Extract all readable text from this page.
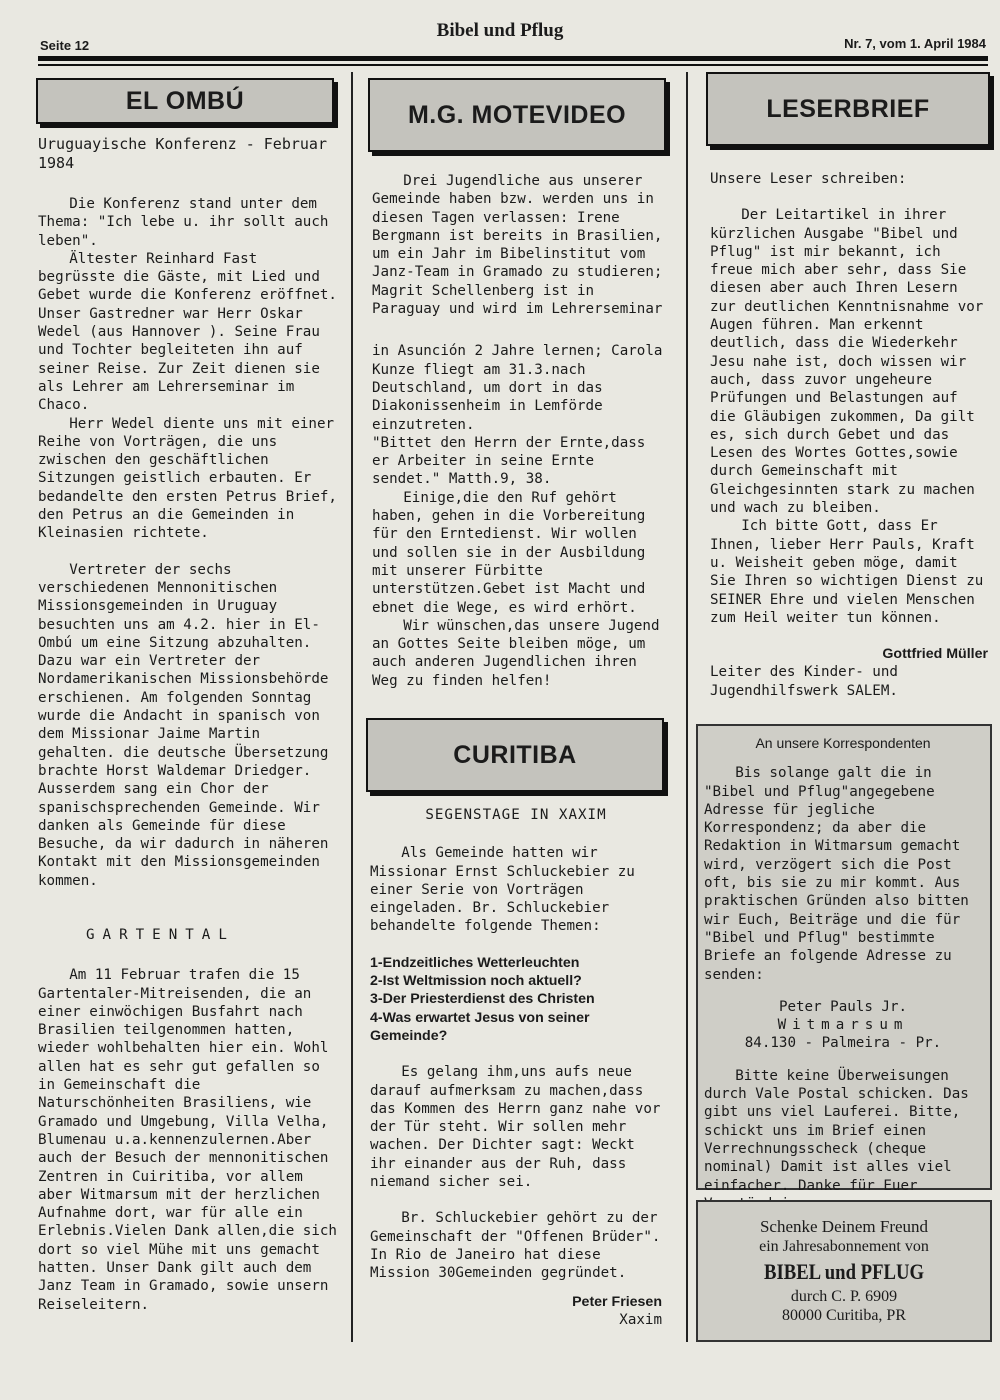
Seite 12
Bibel und Pflug
Nr. 7, vom 1. April 1984
EL OMBÚ

Uruguayische Konferenz - Februar 1984

Die Konferenz stand unter dem Thema: "Ich lebe u. ihr sollt auch leben".

Ältester Reinhard Fast begrüsste die Gäste, mit Lied und Gebet wurde die Konferenz eröffnet. Unser Gastredner war Herr Oskar Wedel (aus Hannover ). Seine Frau und Tochter begleiteten ihn auf seiner Reise. Zur Zeit dienen sie als Lehrer am Lehrerseminar im Chaco.

Herr Wedel diente uns mit einer Reihe von Vorträgen, die uns zwischen den geschäftlichen Sitzungen geistlich erbauten. Er bedandelte den ersten Petrus Brief, den Petrus an die Gemeinden in Kleinasien richtete.

Vertreter der sechs verschiedenen Mennonitischen Missionsgemeinden in Uruguay besuchten uns am 4.2. hier in El-Ombú um eine Sitzung abzuhalten. Dazu war ein Vertreter der Nordamerikanischen Missionsbehörde erschienen. Am folgenden Sonntag wurde die Andacht in spanisch von dem Missionar Jaime Martin gehalten. die deutsche Übersetzung brachte Horst Waldemar Driedger. Ausserdem sang ein Chor der spanischsprechenden Gemeinde. Wir danken als Gemeinde für diese Besuche, da wir dadurch in näheren Kontakt mit den Missionsgemeinden kommen.

GARTENTAL

Am 11 Februar trafen die 15 Gartentaler-Mitreisenden, die an einer einwöchigen Busfahrt nach Brasilien teilgenommen hatten, wieder wohlbehalten hier ein. Wohl allen hat es sehr gut gefallen so in Gemeinschaft die Naturschönheiten Brasiliens, wie Gramado und Umgebung, Villa Velha, Blumenau u.a.kennenzulernen.Aber auch der Besuch der mennonitischen Zentren in Cuiritiba, vor allem aber Witmarsum mit der herzlichen Aufnahme dort, war für alle ein Erlebnis.Vielen Dank allen,die sich dort so viel Mühe mit uns gemacht hatten. Unser Dank gilt auch dem Janz Team in Gramado, sowie unsern Reiseleitern.

M.G. MOTEVIDEO

Drei Jugendliche aus unserer Gemeinde haben bzw. werden uns in diesen Tagen verlassen: Irene Bergmann ist bereits in Brasilien, um ein Jahr im Bibelinstitut vom Janz-Team in Gramado zu studieren; Magrit Schellenberg ist in Paraguay und wird im Lehrerseminar

in Asunción 2 Jahre lernen; Carola Kunze fliegt am 31.3.nach Deutschland, um dort in das Diakonissenheim in Lemförde einzutreten.

"Bittet den Herrn der Ernte,dass er Arbeiter in seine Ernte sendet." Matth.9, 38.

Einige,die den Ruf gehört haben, gehen in die Vorbereitung für den Erntedienst. Wir wollen und sollen sie in der Ausbildung mit unserer Fürbitte unterstützen.Gebet ist Macht und ebnet die Wege, es wird erhört.

Wir wünschen,das unsere Jugend an Gottes Seite bleiben möge, um auch anderen Jugendlichen ihren Weg zu finden helfen!

CURITIBA

SEGENSTAGE IN XAXIM

Als Gemeinde hatten wir Missionar Ernst Schluckebier zu einer Serie von Vorträgen eingeladen. Br. Schluckebier behandelte folgende Themen:

1-Endzeitliches Wetterleuchten
2-Ist Weltmission noch aktuell?
3-Der Priesterdienst des Christen
4-Was erwartet Jesus von seiner Gemeinde?

Es gelang ihm,uns aufs neue darauf aufmerksam zu machen,dass das Kommen des Herrn ganz nahe vor der Tür steht. Wir sollen mehr wachen. Der Dichter sagt: Weckt ihr einander aus der Ruh, dass niemand sicher sei.

Br. Schluckebier gehört zu der Gemeinschaft der "Offenen Brüder". In Rio de Janeiro hat diese Mission 30Gemeinden gegründet.

Peter Friesen
Xaxim
LESERBRIEF

Unsere Leser schreiben:

Der Leitartikel in ihrer kürzlichen Ausgabe "Bibel und Pflug" ist mir bekannt, ich freue mich aber sehr, dass Sie diesen aber auch Ihren Lesern zur deutlichen Kenntnisnahme vor Augen führen. Man erkennt deutlich, dass die Wiederkehr Jesu nahe ist, doch wissen wir auch, dass zuvor ungeheure Prüfungen und Belastungen auf die Gläubigen zukommen, Da gilt es, sich durch Gebet und das Lesen des Wortes Gottes,sowie durch Gemeinschaft mit Gleichgesinnten stark zu machen und wach zu bleiben.

Ich bitte Gott, dass Er Ihnen, lieber Herr Pauls, Kraft u. Weisheit geben möge, damit Sie Ihren so wichtigen Dienst zu SEINER Ehre und vielen Menschen zum Heil weiter tun können.

Gottfried Müller
Leiter des Kinder- und Jugendhilfswerk SALEM.
An unsere Korrespondenten

Bis solange galt die in "Bibel und Pflug"angegebene Adresse für jegliche Korrespondenz; da aber die Redaktion in Witmarsum gemacht wird, verzögert sich die Post oft, bis sie zu mir kommt. Aus praktischen Gründen also bitten wir Euch, Beiträge und die für "Bibel und Pflug" bestimmte Briefe an folgende Adresse zu senden:

Peter Pauls Jr.
Witmarsum
84.130 - Palmeira - Pr.

Bitte keine Überweisungen durch Vale Postal schicken. Das gibt uns viel Lauferei. Bitte, schickt uns im Brief einen Verrechnungsscheck (cheque nominal) Damit ist alles viel einfacher. Danke für Euer

Schenke Deinem Freund
ein Jahresabonnement von
BIBEL und PFLUG
durch C. P. 6909
80000 Curitiba, PR
